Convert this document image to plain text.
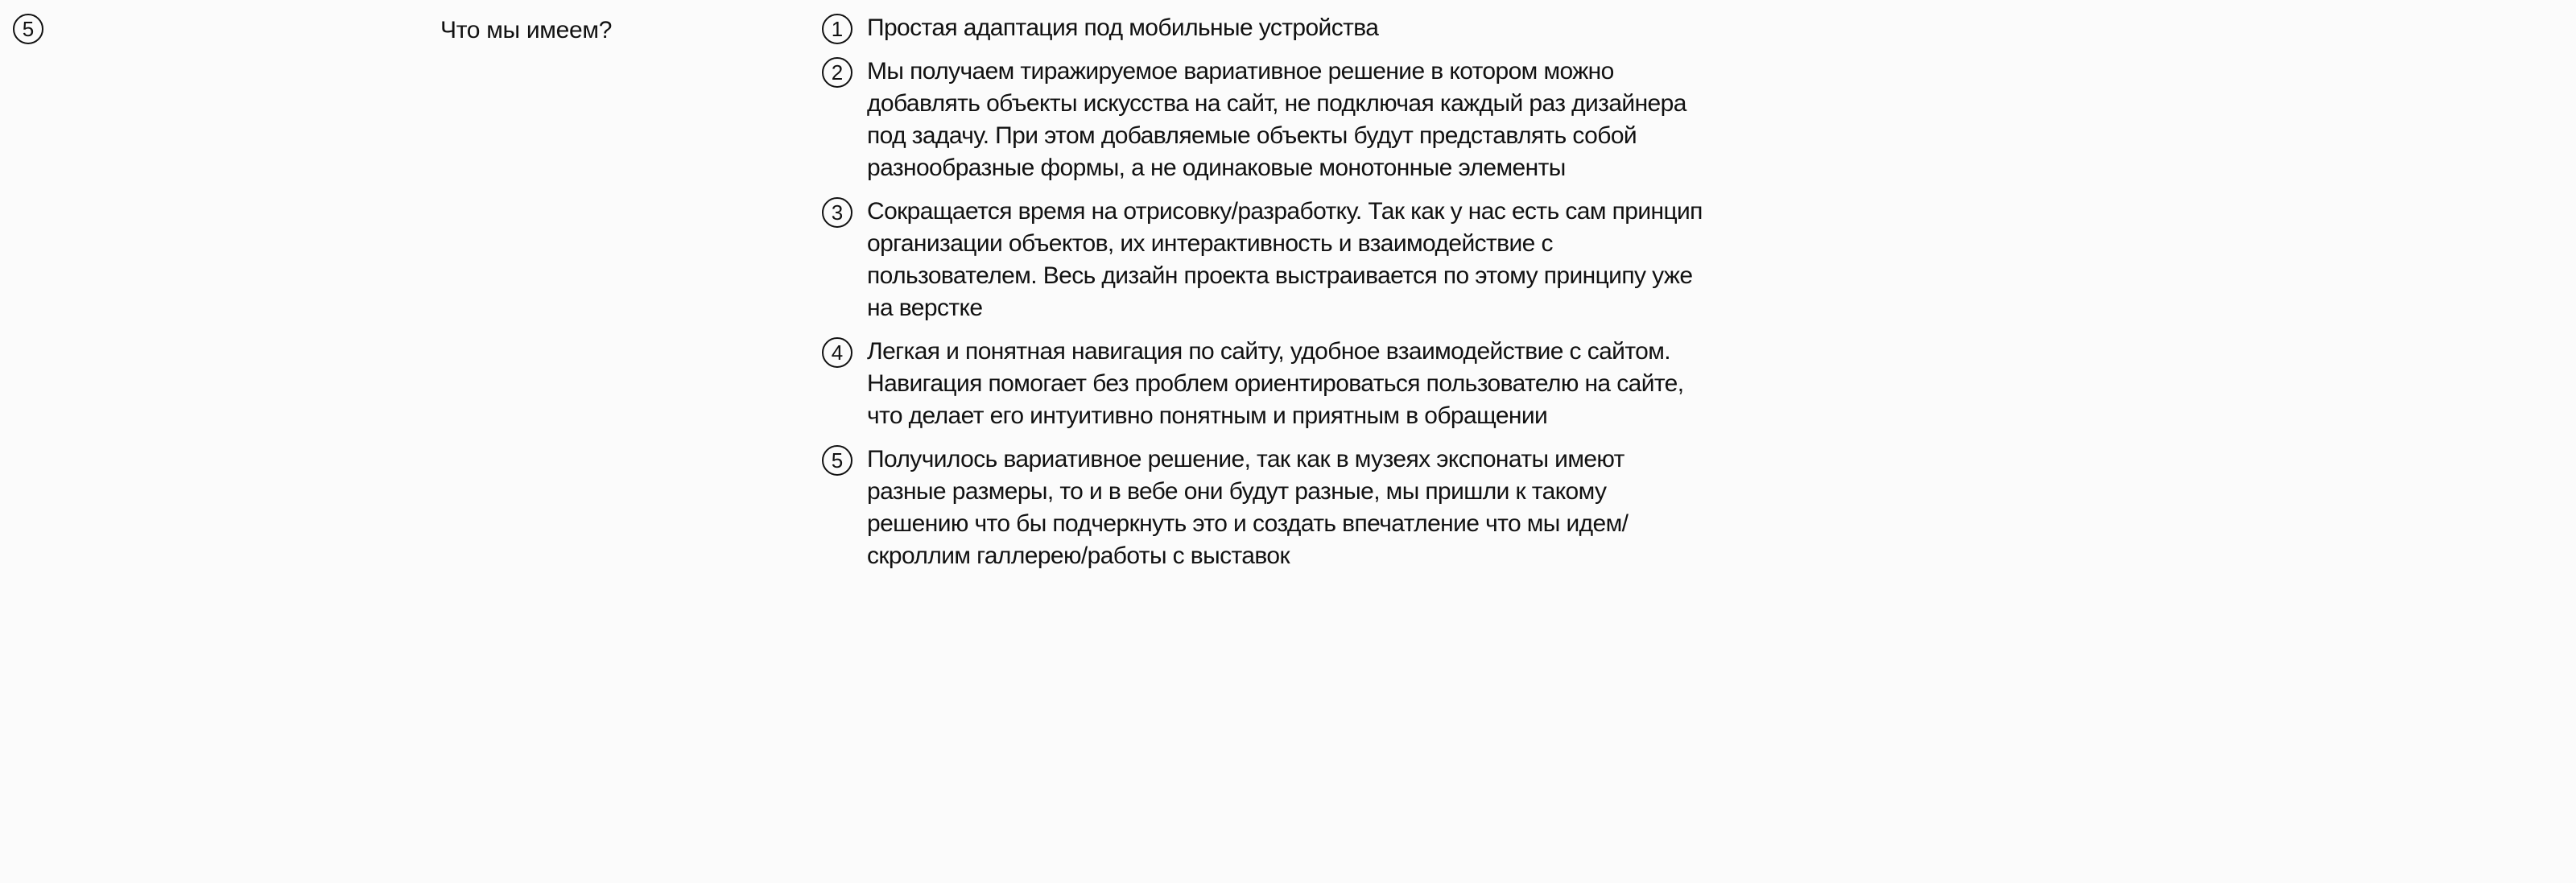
5	Что мы имеем?	1 Простая адаптация под мобильные устройства
2 Мы получаем тиражируемое вариативное решение в котором можно добавлять объекты искусства на сайт, не подключая каждый раз дизайнера под задачу. При этом добавляемые объекты будут представлять собой разнообразные формы, а не одинаковые монотонные элементы
3 Сокращается время на отрисовку/разработку. Так как у нас есть сам принцип организации объектов, их интерактивность и взаимодействие с пользователем. Весь дизайн проекта выстраивается по этому принципу уже на верстке
4 Легкая и понятная навигация по сайту, удобное взаимодействие с сайтом. Навигация помогает без проблем ориентироваться пользователю на сайте, что делает его интуитивно понятным и приятным в обращении
5 Получилось вариативное решение, так как в музеях экспонаты имеют разные размеры, то и в вебе они будут разные, мы пришли к такому решению что бы подчеркнуть это и создать впечатление что мы идем/скроллим галлерею/работы с выставок
